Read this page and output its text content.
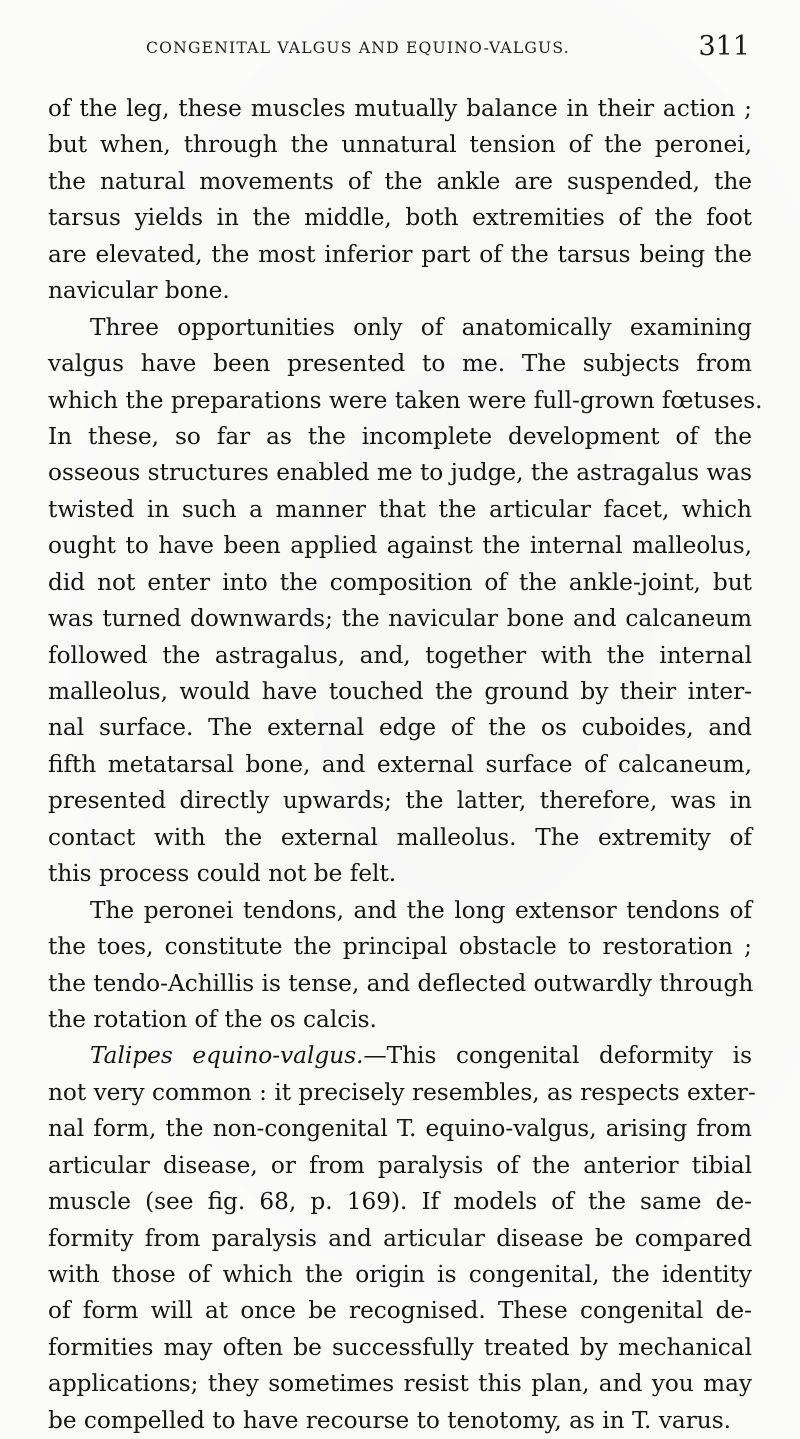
CONGENITAL VALGUS AND EQUINO-VALGUS.	311
of the leg, these muscles mutually balance in their action ;
but when, through the unnatural tension of the peronei,
the natural movements of the ankle are suspended, the
tarsus yields in the middle, both extremities of the foot
are elevated, the most inferior part of the tarsus being the
navicular bone.
Three opportunities only of anatomically examining
valgus have been presented to me. The subjects from
which the preparations were taken were full-grown fœtuses.
In these, so far as the incomplete development of the
osseous structures enabled me to judge, the astragalus was
twisted in such a manner that the articular facet, which
ought to have been applied against the internal malleolus,
did not enter into the composition of the ankle-joint, but
was turned downwards; the navicular bone and calcaneum
followed the astragalus, and, together with the internal
malleolus, would have touched the ground by their inter-
nal surface. The external edge of the os cuboides, and
fifth metatarsal bone, and external surface of calcaneum,
presented directly upwards; the latter, therefore, was in
contact with the external malleolus. The extremity of
this process could not be felt.
The peronei tendons, and the long extensor tendons of
the toes, constitute the principal obstacle to restoration ;
the tendo-Achillis is tense, and deflected outwardly through
the rotation of the os calcis.
Talipes equino-valgus.—This congenital deformity is
not very common : it precisely resembles, as respects exter-
nal form, the non-congenital T. equino-valgus, arising from
articular disease, or from paralysis of the anterior tibial
muscle (see fig. 68, p. 169). If models of the same de-
formity from paralysis and articular disease be compared
with those of which the origin is congenital, the identity
of form will at once be recognised. These congenital de-
formities may often be successfully treated by mechanical
applications; they sometimes resist this plan, and you may
be compelled to have recourse to tenotomy, as in T. varus.
